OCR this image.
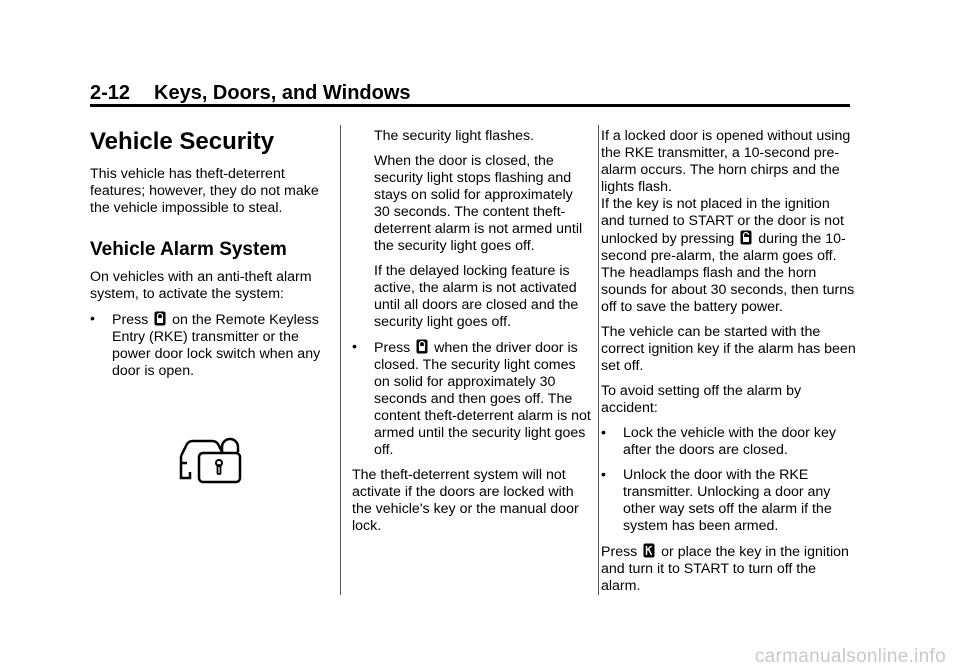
2-12 Keys, Doors, and Windows
Vehicle Security

This vehicle has theft-deterrent features; however, they do not make the vehicle impossible to steal.

Vehicle Alarm System

On vehicles with an anti-theft alarm system, to activate the system:

• Press on the Remote Keyless Entry (RKE) transmitter or the power door lock switch when any door is open.

The security light flashes.

When the door is closed, the security light stops flashing and stays on solid for approximately 30 seconds. The content theft-deterrent alarm is not armed until the security light goes off.

If the delayed locking feature is active, the alarm is not activated until all doors are closed and the security light goes off.

• Press when the driver door is closed. The security light comes on solid for approximately 30 seconds and then goes off. The content theft-deterrent alarm is not armed until the security light goes off.

The theft-deterrent system will not activate if the doors are locked with the vehicle's key or the manual door lock.

If a locked door is opened without using the RKE transmitter, a 10-second pre-alarm occurs. The horn chirps and the lights flash.

If the key is not placed in the ignition and turned to START or the door is not unlocked by pressing during the 10-second pre-alarm, the alarm goes off. The headlamps flash and the horn sounds for about 30 seconds, then turns off to save the battery power.

The vehicle can be started with the correct ignition key if the alarm has been set off.

To avoid setting off the alarm by accident:

• Lock the vehicle with the door key after the doors are closed.
• Unlock the door with the RKE transmitter. Unlocking a door any other way sets off the alarm if the system has been armed.

Press or place the key in the ignition and turn it to START to turn off the alarm.

carmanualsonline.info
